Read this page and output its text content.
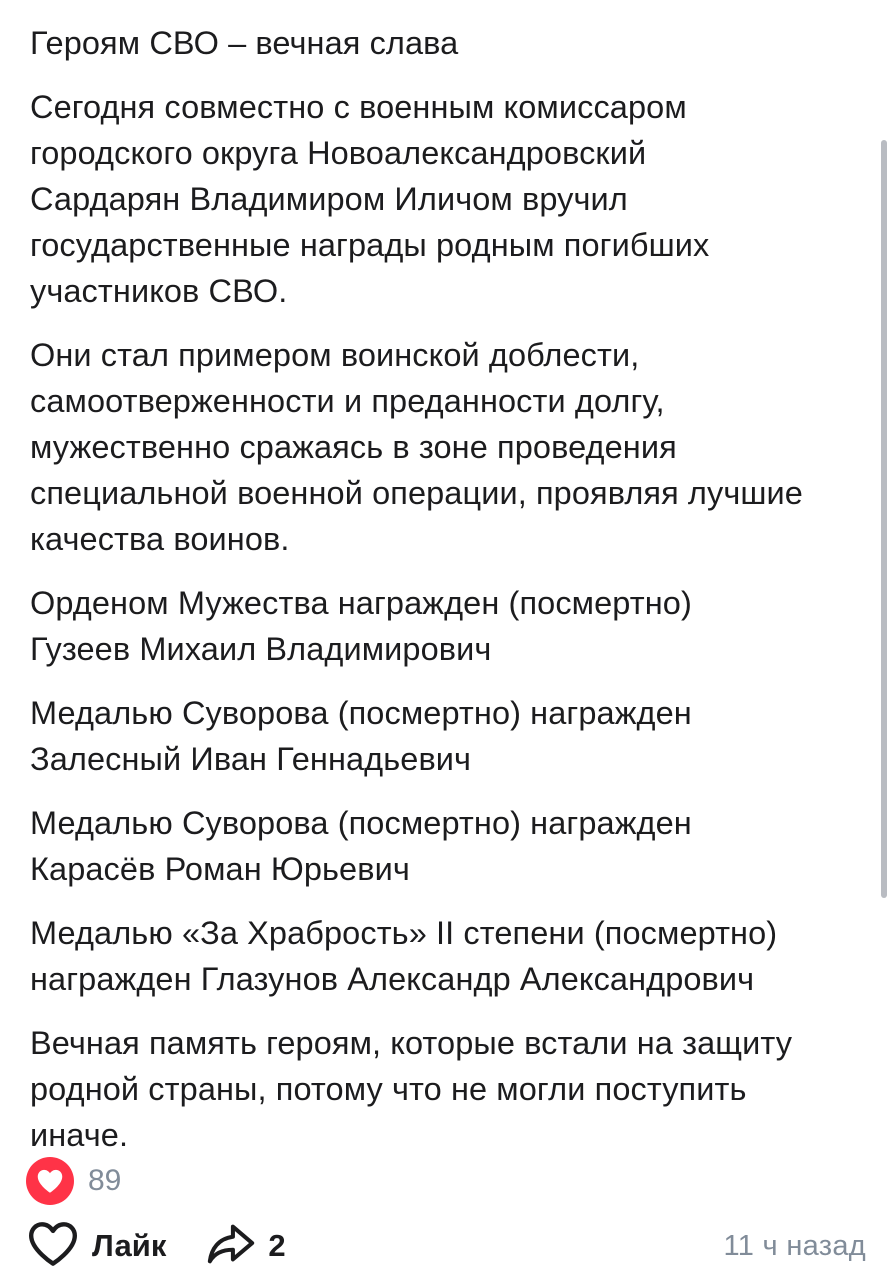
Героям СВО – вечная слава
Сегодня совместно с военным комиссаром
городского округа Новоалександровский
Сардарян Владимиром Иличом вручил
государственные награды родным погибших
участников СВО.
Они стал примером воинской доблести,
самоотверженности и преданности долгу,
мужественно сражаясь в зоне проведения
специальной военной операции, проявляя лучшие
качества воинов.
Орденом Мужества награжден (посмертно)
Гузеев Михаил Владимирович
Медалью Суворова (посмертно) награжден
Залесный Иван Геннадьевич
Медалью Суворова (посмертно) награжден
Карасёв Роман Юрьевич
Медалью «За Храбрость» II степени (посмертно)
награжден Глазунов Александр Александрович
Вечная память героям, которые встали на защиту
родной страны, потому что не могли поступить
иначе.
89
Лайк	2	11 ч назад
